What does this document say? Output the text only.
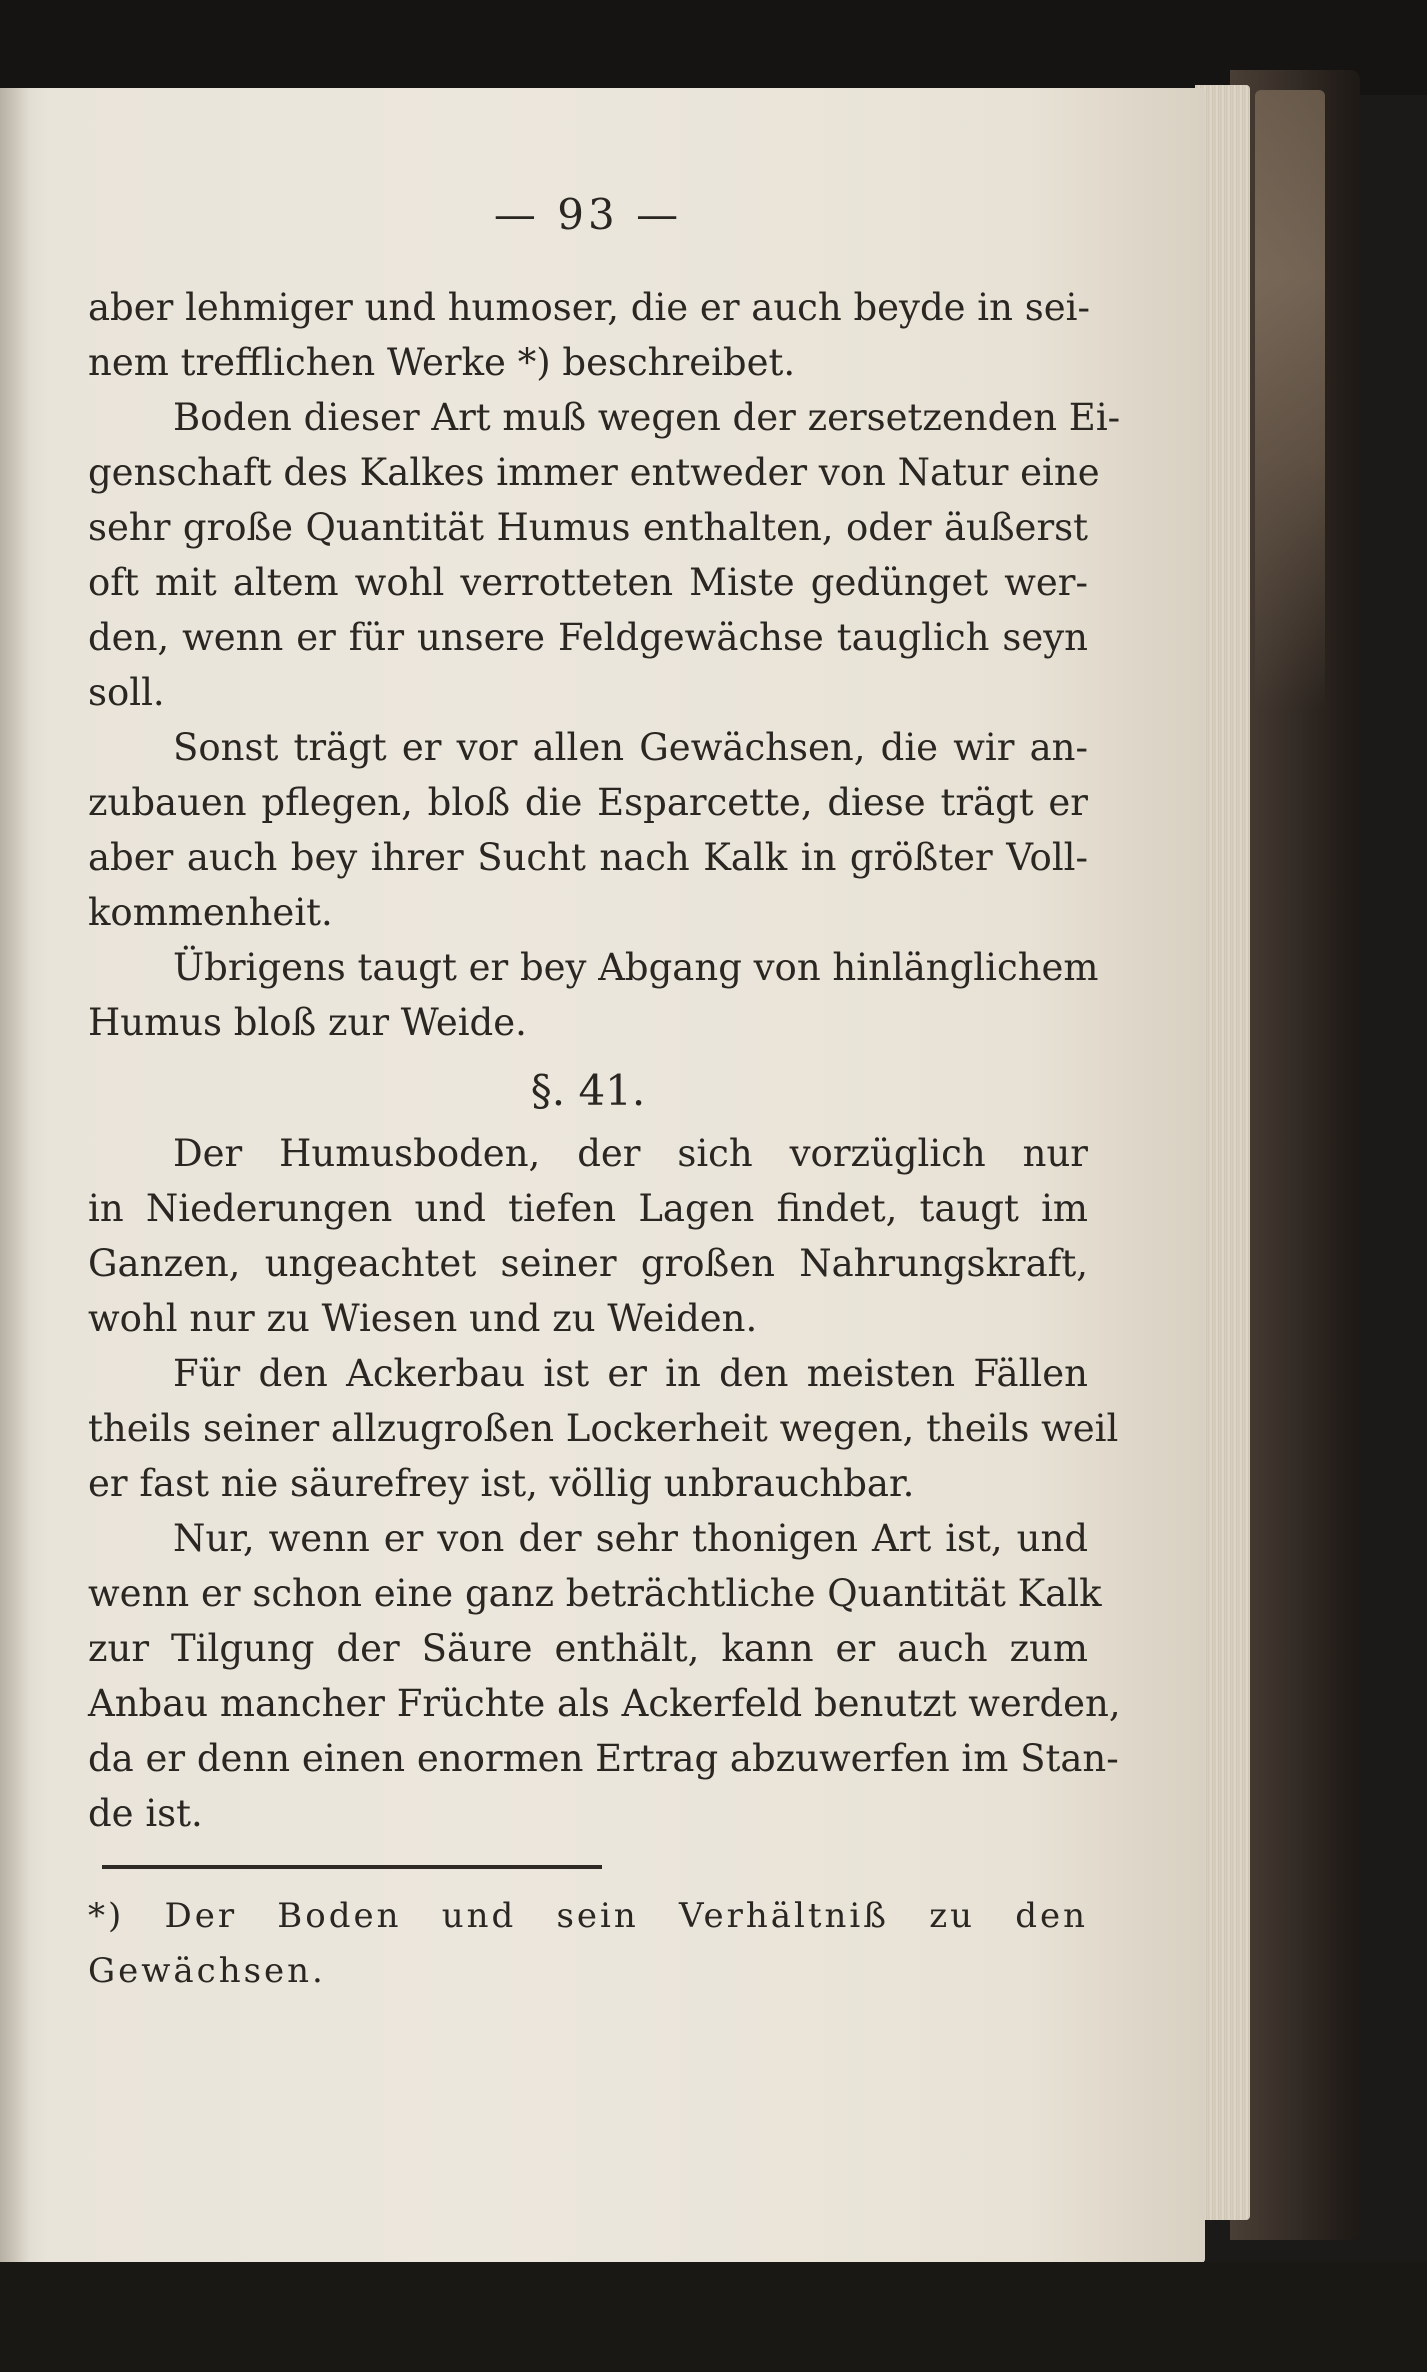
— 93 —
aber lehmiger und humoser, die er auch beyde in sei-
nem trefflichen Werke *) beschreibet.
Boden dieser Art muß wegen der zersetzenden Ei-
genschaft des Kalkes immer entweder von Natur eine
sehr große Quantität Humus enthalten, oder äußerst
oft mit altem wohl verrotteten Miste gedünget wer-
den, wenn er für unsere Feldgewächse tauglich seyn
soll.
Sonst trägt er vor allen Gewächsen, die wir an-
zubauen pflegen, bloß die Esparcette, diese trägt er
aber auch bey ihrer Sucht nach Kalk in größter Voll-
kommenheit.
Übrigens taugt er bey Abgang von hinlänglichem
Humus bloß zur Weide.
§. 41.
Der Humusboden, der sich vorzüglich nur
in Niederungen und tiefen Lagen findet, taugt im
Ganzen, ungeachtet seiner großen Nahrungskraft,
wohl nur zu Wiesen und zu Weiden.
Für den Ackerbau ist er in den meisten Fällen
theils seiner allzugroßen Lockerheit wegen, theils weil
er fast nie säurefrey ist, völlig unbrauchbar.
Nur, wenn er von der sehr thonigen Art ist, und
wenn er schon eine ganz beträchtliche Quantität Kalk
zur Tilgung der Säure enthält, kann er auch zum
Anbau mancher Früchte als Ackerfeld benutzt werden,
da er denn einen enormen Ertrag abzuwerfen im Stan-
de ist.
*) Der Boden und sein Verhältniß zu den
Gewächsen.
